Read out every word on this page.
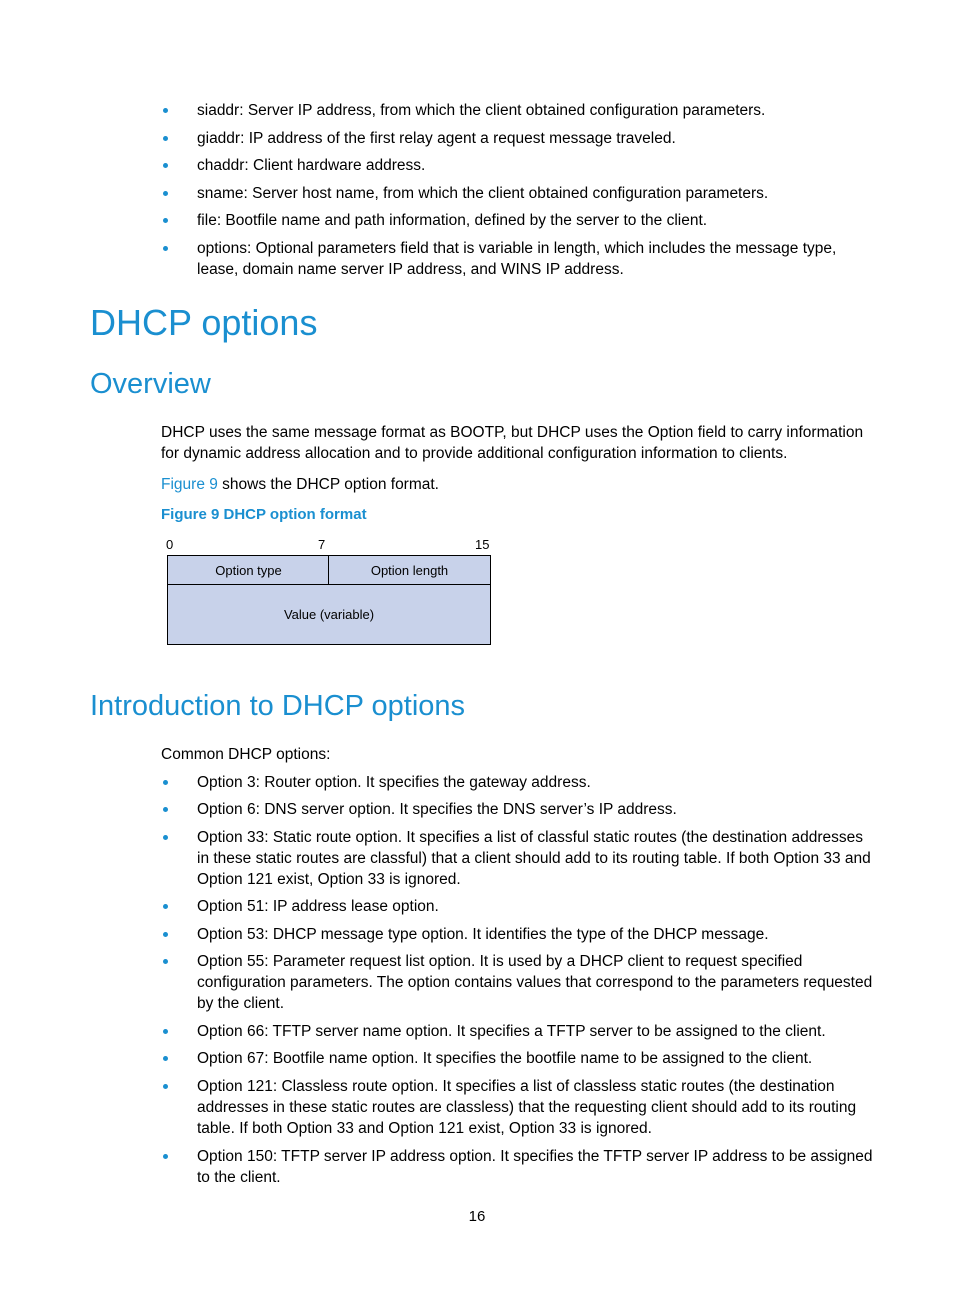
siaddr: Server IP address, from which the client obtained configuration parameters.
giaddr: IP address of the first relay agent a request message traveled.
chaddr: Client hardware address.
sname: Server host name, from which the client obtained configuration parameters.
file: Bootfile name and path information, defined by the server to the client.
options: Optional parameters field that is variable in length, which includes the message type, lease, domain name server IP address, and WINS IP address.
DHCP options
Overview

DHCP uses the same message format as BOOTP, but DHCP uses the Option field to carry information for dynamic address allocation and to provide additional configuration information to clients.

Figure 9 shows the DHCP option format.

Figure 9 DHCP option format

0	7	15
Option type	Option length
Value (variable)
Introduction to DHCP options

Common DHCP options:

Option 3: Router option. It specifies the gateway address.
Option 6: DNS server option. It specifies the DNS server’s IP address.
Option 33: Static route option. It specifies a list of classful static routes (the destination addresses in these static routes are classful) that a client should add to its routing table. If both Option 33 and Option 121 exist, Option 33 is ignored.
Option 51: IP address lease option.
Option 53: DHCP message type option. It identifies the type of the DHCP message.
Option 55: Parameter request list option. It is used by a DHCP client to request specified configuration parameters. The option contains values that correspond to the parameters requested by the client.
Option 66: TFTP server name option. It specifies a TFTP server to be assigned to the client.
Option 67: Bootfile name option. It specifies the bootfile name to be assigned to the client.
Option 121: Classless route option. It specifies a list of classless static routes (the destination addresses in these static routes are classless) that the requesting client should add to its routing table. If both Option 33 and Option 121 exist, Option 33 is ignored.
Option 150: TFTP server IP address option. It specifies the TFTP server IP address to be assigned to the client.
16
